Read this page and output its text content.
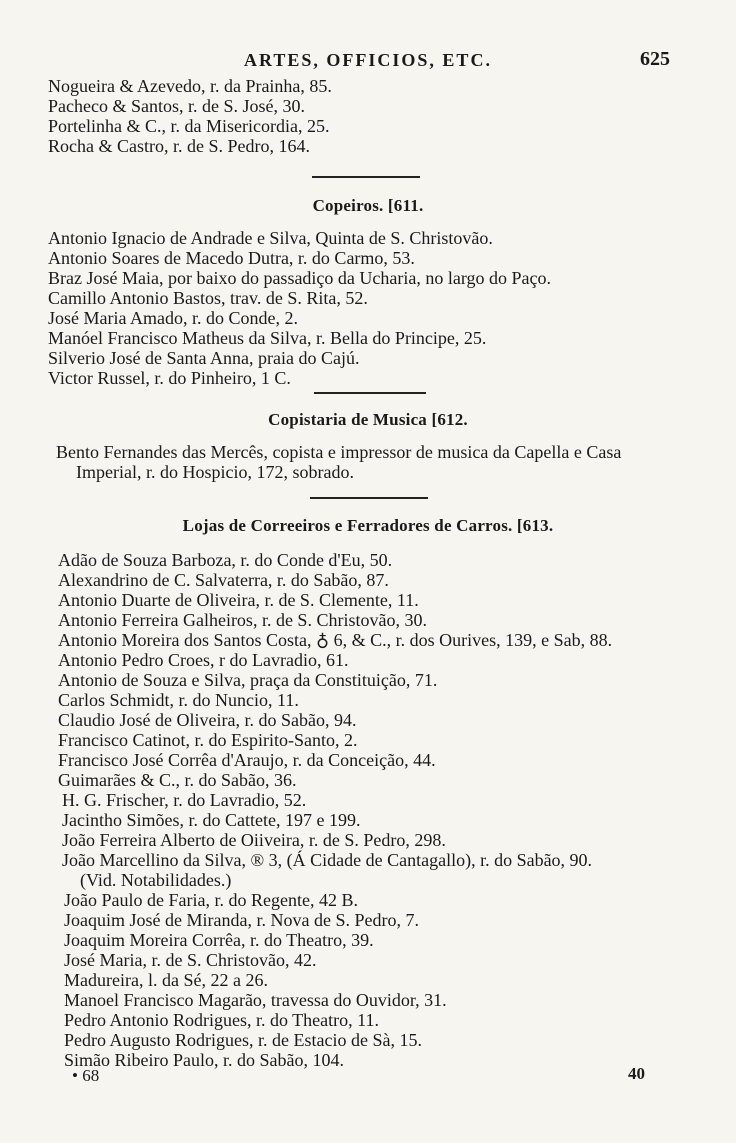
ARTES, OFFICIOS, ETC.	625
Nogueira & Azevedo, r. da Prainha, 85.
Pacheco & Santos, r. de S. José, 30.
Portelinha & C., r. da Misericordia, 25.
Rocha & Castro, r. de S. Pedro, 164.
Copeiros. [611.
Antonio Ignacio de Andrade e Silva, Quinta de S. Christovão.
Antonio Soares de Macedo Dutra, r. do Carmo, 53.
Braz José Maia, por baixo do passadiço da Ucharia, no largo do Paço.
Camillo Antonio Bastos, trav. de S. Rita, 52.
José Maria Amado, r. do Conde, 2.
Manóel Francisco Matheus da Silva, r. Bella do Principe, 25.
Silverio José de Santa Anna, praia do Cajú.
Victor Russel, r. do Pinheiro, 1 C.
Copistaria de Musica [612.
Bento Fernandes das Mercês, copista e impressor de musica da Capella e Casa
Imperial, r. do Hospicio, 172, sobrado.
Lojas de Correeiros e Ferradores de Carros. [613.
Adão de Souza Barboza, r. do Conde d'Eu, 50.
Alexandrino de C. Salvaterra, r. do Sabão, 87.
Antonio Duarte de Oliveira, r. de S. Clemente, 11.
Antonio Ferreira Galheiros, r. de S. Christovão, 30.
Antonio Moreira dos Santos Costa, ♁ 6, & C., r. dos Ourives, 139, e Sab, 88.
Antonio Pedro Croes, r do Lavradio, 61.
Antonio de Souza e Silva, praça da Constituição, 71.
Carlos Schmidt, r. do Nuncio, 11.
Claudio José de Oliveira, r. do Sabão, 94.
Francisco Catinot, r. do Espirito-Santo, 2.
Francisco José Corrêa d'Araujo, r. da Conceição, 44.
Guimarães & C., r. do Sabão, 36.
H. G. Frischer, r. do Lavradio, 52.
Jacintho Simões, r. do Cattete, 197 e 199.
João Ferreira Alberto de Oiiveira, r. de S. Pedro, 298.
João Marcellino da Silva, ® 3, (Á Cidade de Cantagallo), r. do Sabão, 90.
(Vid. Notabilidades.)
João Paulo de Faria, r. do Regente, 42 B.
Joaquim José de Miranda, r. Nova de S. Pedro, 7.
Joaquim Moreira Corrêa, r. do Theatro, 39.
José Maria, r. de S. Christovão, 42.
Madureira, l. da Sé, 22 a 26.
Manoel Francisco Magarão, travessa do Ouvidor, 31.
Pedro Antonio Rodrigues, r. do Theatro, 11.
Pedro Augusto Rodrigues, r. de Estacio de Sà, 15.
Simão Ribeiro Paulo, r. do Sabão, 104.
• 68	40
